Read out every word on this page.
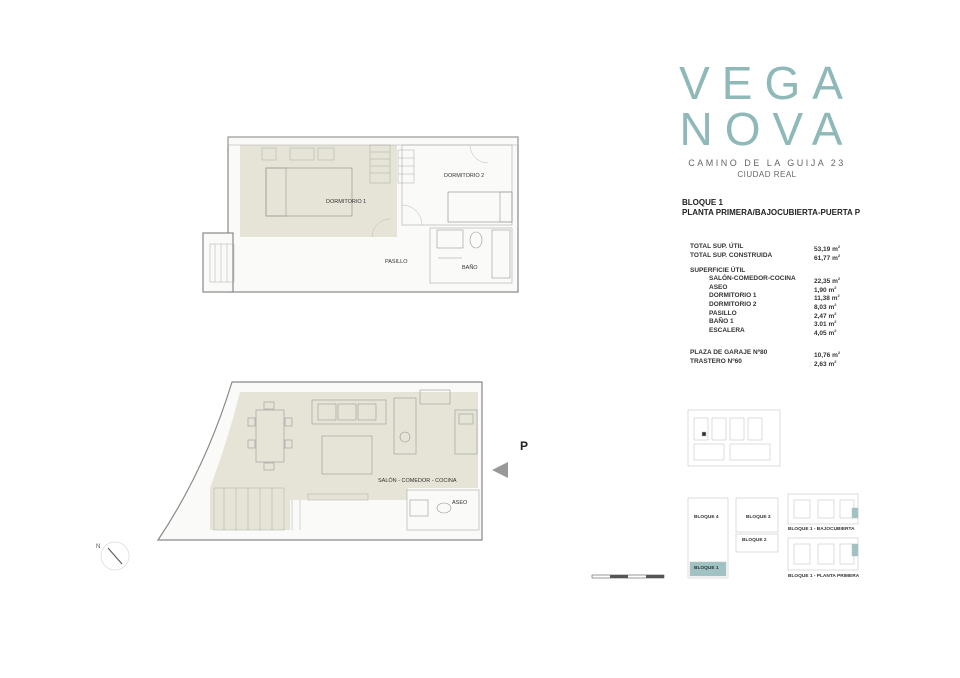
DORMITORIO 1
DORMITORIO 2
PASILLO
BAÑO
SALÓN - COMEDOR - COCINA
ASEO
P
N
VEGA
NOVA
CAMINO DE LA GUIJA 23
CIUDAD REAL
BLOQUE 1
PLANTA PRIMERA/BAJOCUBIERTA-PUERTA P
TOTAL SUP. ÚTIL	53,19 $m^2$
TOTAL SUP. CONSTRUIDA	61,77 $m^2$
SUPERFICIE ÚTIL
SALÓN-COMEDOR-COCINA	22,35 $m^2$
ASEO	1,90 $m^2$
DORMITORIO 1	11,38 $m^2$
DORMITORIO 2	8,03 $m^2$
PASILLO	2,47 $m^2$
BAÑO 1	3.01 $m^2$
ESCALERA	4,05 $m^2$
PLAZA DE GARAJE Nº80	10,76 $m^2$
TRASTERO Nº60	2,63 $m^2$
BLOQUE 4	BLOQUE 3
BLOQUE 2
BLOQUE 1
BLOQUE 1 - BAJOCUBIERTA
BLOQUE 1 - PLANTA PRIMERA
